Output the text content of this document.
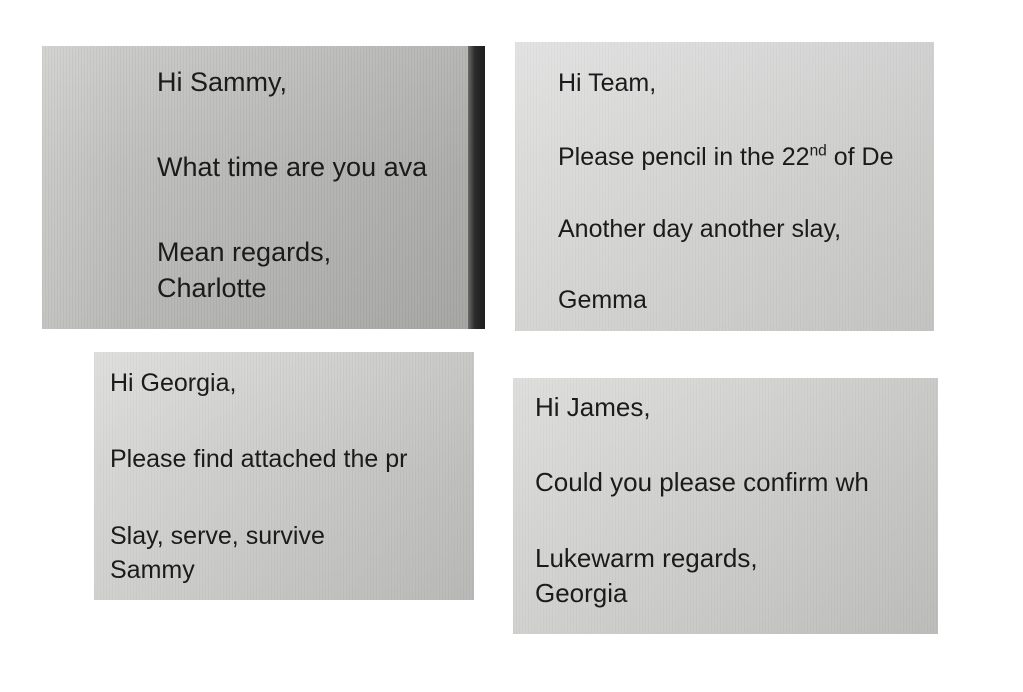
Hi Sammy,
What time are you ava
Mean regards,
Charlotte
Hi Team,
Please pencil in the 22nd of De
Another day another slay,
Gemma
Hi Georgia,
Please find attached the pr
Slay, serve, survive
Sammy
Hi James,
Could you please confirm wh
Lukewarm regards,
Georgia
